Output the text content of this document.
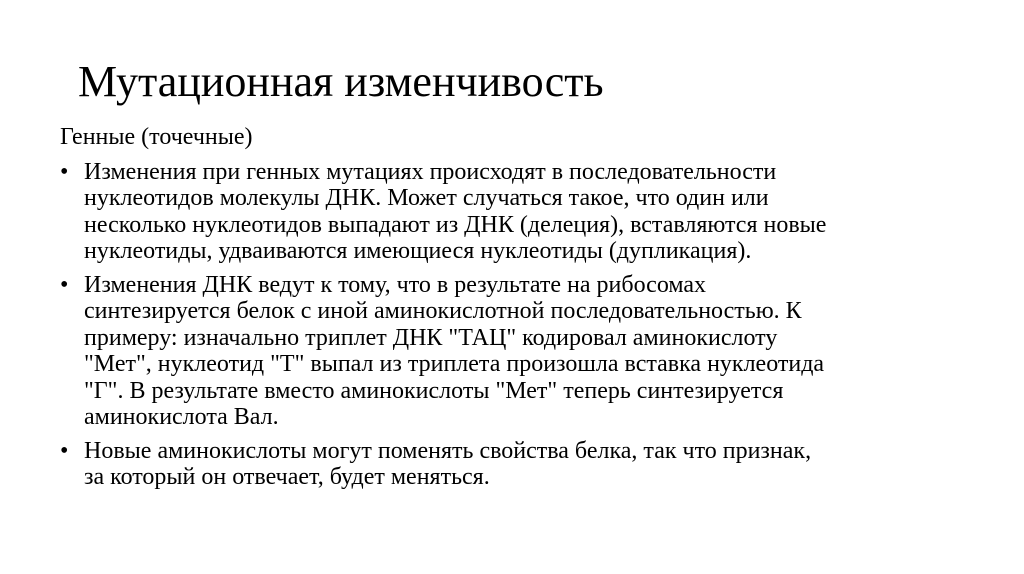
Мутационная изменчивость
Генные (точечные)
• Изменения при генных мутациях происходят в последовательности
нуклеотидов молекулы ДНК. Может случаться такое, что один или
несколько нуклеотидов выпадают из ДНК (делеция), вставляются новые
нуклеотиды, удваиваются имеющиеся нуклеотиды (дупликация).
• Изменения ДНК ведут к тому, что в результате на рибосомах
синтезируется белок с иной аминокислотной последовательностью. К
примеру: изначально триплет ДНК "ТАЦ" кодировал аминокислоту
"Мет", нуклеотид "Т" выпал из триплета произошла вставка нуклеотида
"Г". В результате вместо аминокислоты "Мет" теперь синтезируется
аминокислота Вал.
• Новые аминокислоты могут поменять свойства белка, так что признак,
за который он отвечает, будет меняться.
